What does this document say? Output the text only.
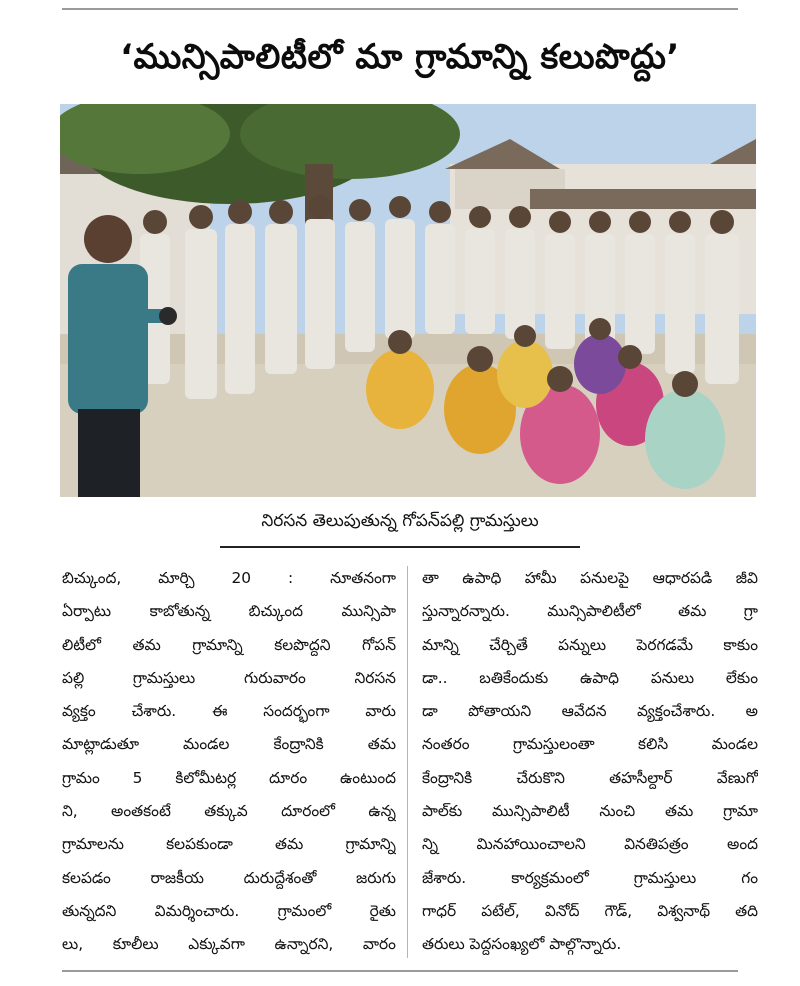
‘మున్సిపాలిటీలో మా గ్రామాన్ని కలుపొద్దు’
నిరసన తెలుపుతున్న గోపన్‌పల్లి గ్రామస్తులు
బిచ్కుంద, మార్చి 20 : నూతనంగా
ఏర్పాటు కాబోతున్న బిచ్కుంద మున్సిపా
లిటీలో తమ గ్రామాన్ని కలపొద్దని గోపన్
పల్లి గ్రామస్తులు గురువారం నిరసన
వ్యక్తం చేశారు. ఈ సందర్భంగా వారు
మాట్లాడుతూ మండల కేంద్రానికి తమ
గ్రామం 5 కిలోమీటర్ల దూరం ఉంటుంద
ని, అంతకంటే తక్కువ దూరంలో ఉన్న
గ్రామాలను కలపకుండా తమ గ్రామాన్ని
కలపడం రాజకీయ దురుద్దేశంతో జరుగు
తున్నదని విమర్శించారు. గ్రామంలో రైతు
లు, కూలీలు ఎక్కువగా ఉన్నారని, వారం
తా ఉపాధి హామీ పనులపై ఆధారపడి జీవి
స్తున్నారన్నారు. మున్సిపాలిటీలో తమ గ్రా
మాన్ని చేర్చితే పన్నులు పెరగడమే కాకుం
డా.. బతికేందుకు ఉపాధి పనులు లేకుం
డా పోతాయని ఆవేదన వ్యక్తంచేశారు. అ
నంతరం గ్రామస్తులంతా కలిసి మండల
కేంద్రానికి చేరుకొని తహసీల్దార్ వేణుగో
పాల్‌కు మున్సిపాలిటీ నుంచి తమ గ్రామా
న్ని మినహాయించాలని వినతిపత్రం అంద
జేశారు. కార్యక్రమంలో గ్రామస్తులు గం
గాధర్ పటేల్, వినోద్ గౌడ్, విశ్వనాథ్ తది
తరులు పెద్దసంఖ్యలో పాల్గొన్నారు.
